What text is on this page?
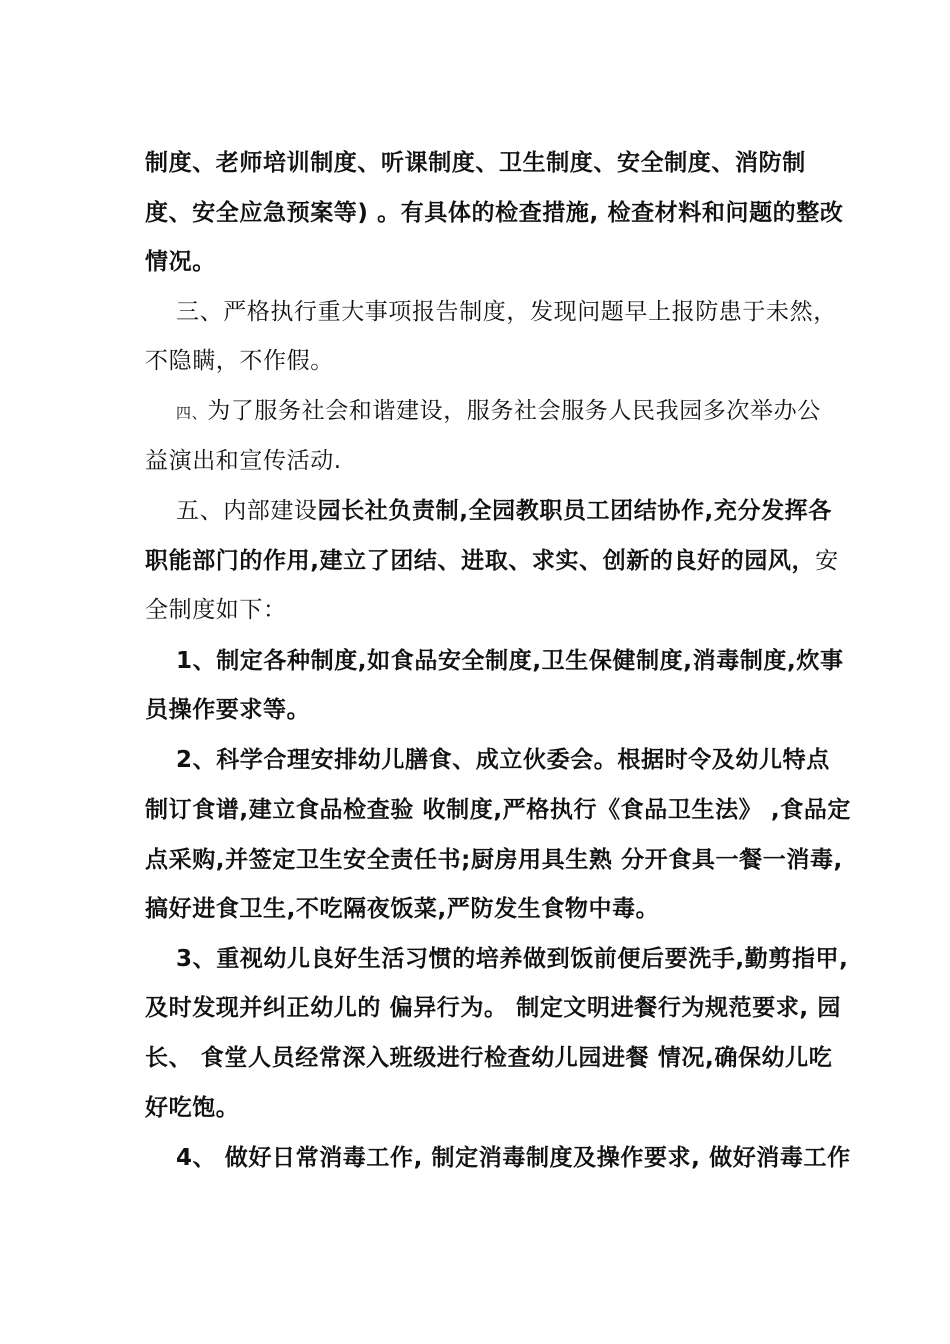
制度、老师培训制度、听课制度、卫生制度、安全制度、消防制
度、安全应急预案等) 。有具体的检查措施, 检查材料和问题的整改
情况。
三、严格执行重大事项报告制度，发现问题早上报防患于未然，
不隐瞒，不作假。
四、为了服务社会和谐建设，服务社会服务人民我园多次举办公
益演出和宣传活动.
五、内部建设园长社负责制,全园教职员工团结协作,充分发挥各
职能部门的作用,建立了团结、进取、求实、创新的良好的园风，安
全制度如下：
1、制定各种制度,如食品安全制度,卫生保健制度,消毒制度,炊事
员操作要求等。
2、科学合理安排幼儿膳食、成立伙委会。根据时令及幼儿特点
制订食谱,建立食品检查验 收制度,严格执行《食品卫生法》 ,食品定
点采购,并签定卫生安全责任书;厨房用具生熟 分开食具一餐一消毒,
搞好进食卫生,不吃隔夜饭菜,严防发生食物中毒。
3、重视幼儿良好生活习惯的培养做到饭前便后要洗手,勤剪指甲,
及时发现并纠正幼儿的 偏异行为。 制定文明进餐行为规范要求, 园
长、 食堂人员经常深入班级进行检查幼儿园进餐 情况,确保幼儿吃
好吃饱。
4、 做好日常消毒工作, 制定消毒制度及操作要求, 做好消毒工作
